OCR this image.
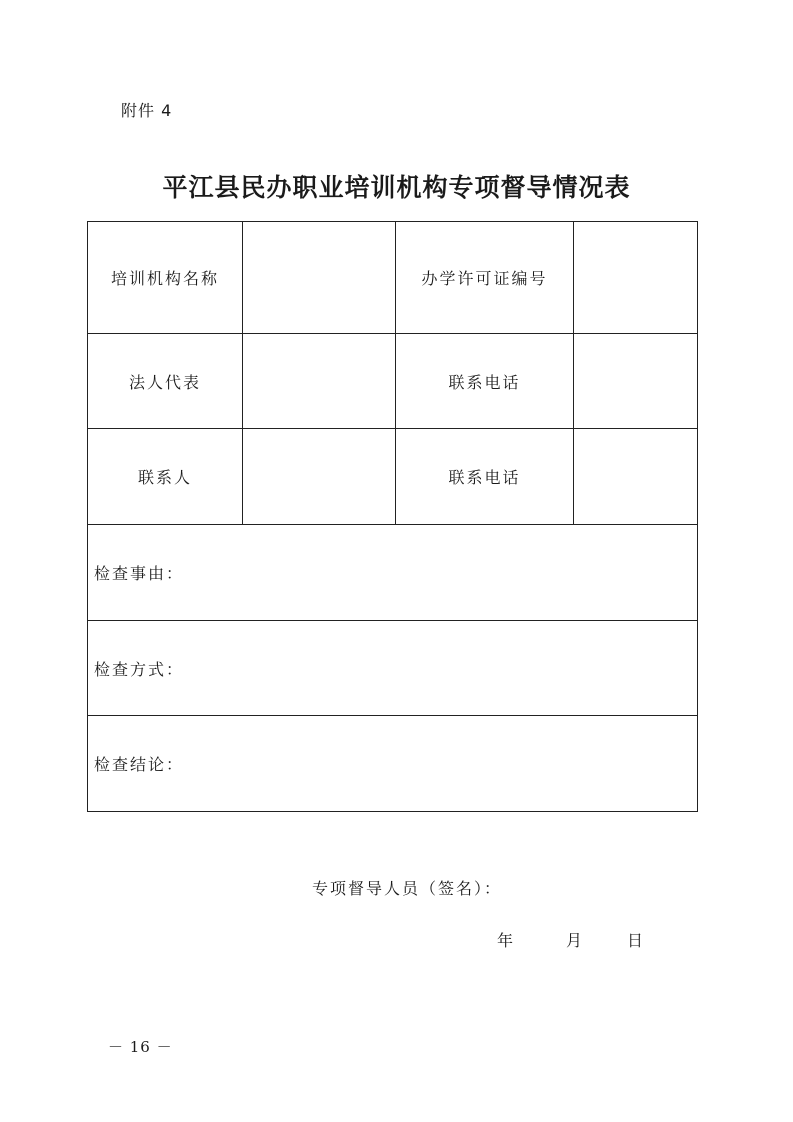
附件 4
平江县民办职业培训机构专项督导情况表
培训机构名称		办学许可证编号	
法人代表		联系电话	
联系人		联系电话	
检查事由：			
检查方式：			
检查结论：			
专项督导人员（签名）：
年	月	日
－ 16 －
